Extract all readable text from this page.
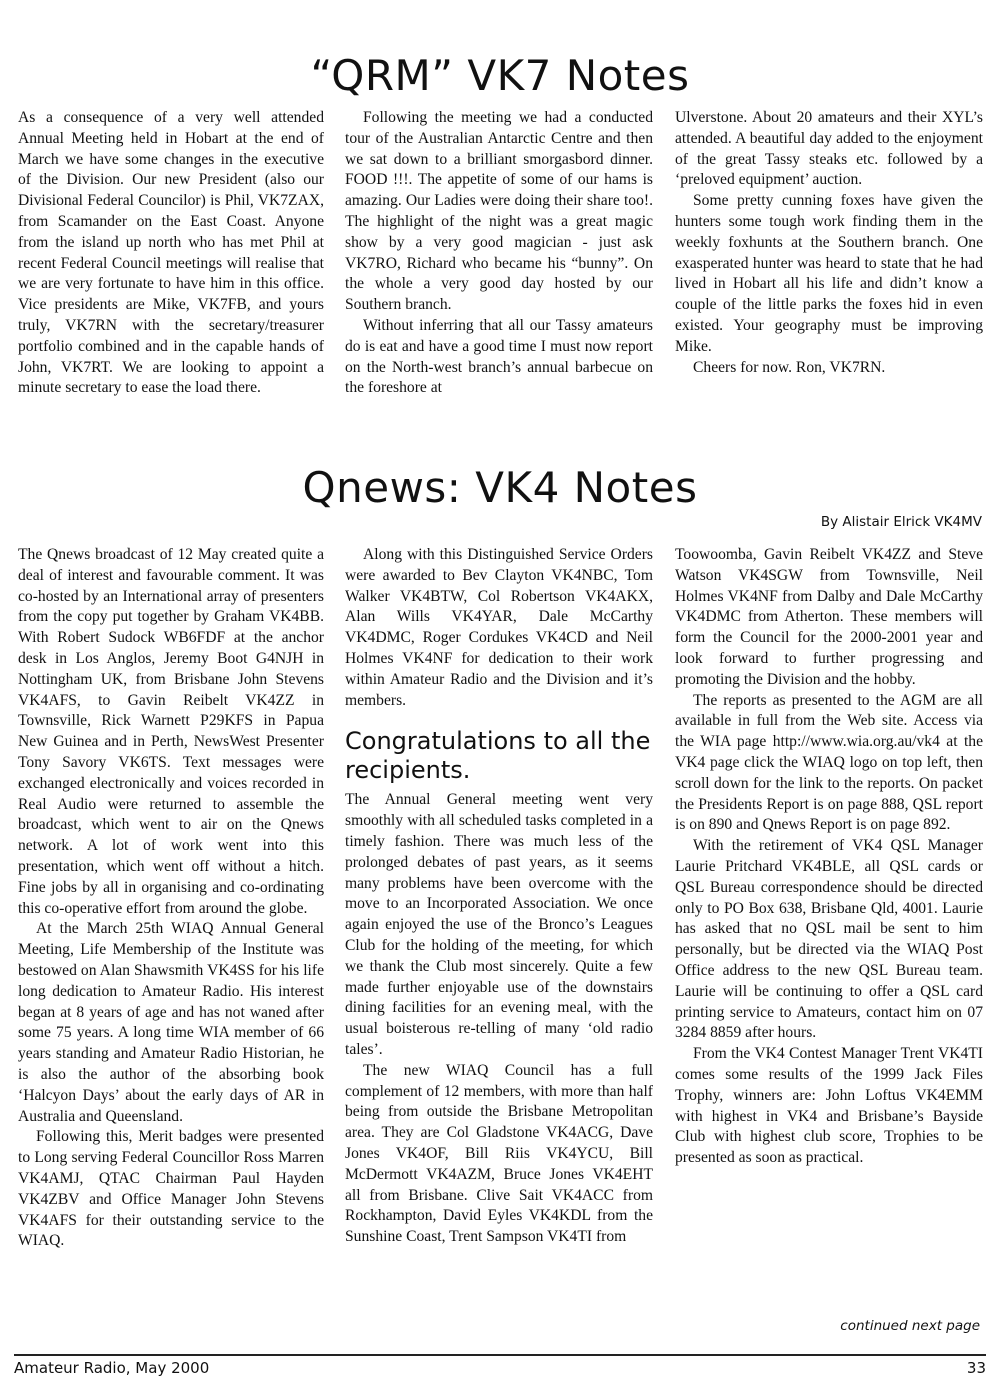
“QRM” VK7 Notes

As a consequence of a very well attended Annual Meeting held in Hobart at the end of March we have some changes in the executive of the Division. Our new President (also our Divisional Federal Councilor) is Phil, VK7ZAX, from Scamander on the East Coast. Anyone from the island up north who has met Phil at recent Federal Council meetings will realise that we are very fortunate to have him in this office. Vice presidents are Mike, VK7FB, and yours truly, VK7RN with the secretary/treasurer portfolio combined and in the capable hands of John, VK7RT. We are looking to appoint a minute secretary to ease the load there.

Following the meeting we had a conducted tour of the Australian Antarctic Centre and then we sat down to a brilliant smorgasbord dinner. FOOD !!!. The appetite of some of our hams is amazing. Our Ladies were doing their share too!. The highlight of the night was a great magic show by a very good magician - just ask VK7RO, Richard who became his “bunny”. On the whole a very good day hosted by our Southern branch.

Without inferring that all our Tassy amateurs do is eat and have a good time I must now report on the North-west branch’s annual barbecue on the foreshore at

Ulverstone. About 20 amateurs and their XYL’s attended. A beautiful day added to the enjoyment of the great Tassy steaks etc. followed by a ‘preloved equipment’ auction.

Some pretty cunning foxes have given the hunters some tough work finding them in the weekly foxhunts at the Southern branch. One exasperated hunter was heard to state that he had lived in Hobart all his life and didn’t know a couple of the little parks the foxes hid in even existed. Your geography must be improving Mike.

Cheers for now. Ron, VK7RN.

Qnews: VK4 Notes
By Alistair Elrick VK4MV

The Qnews broadcast of 12 May created quite a deal of interest and favourable comment. It was co-hosted by an International array of presenters from the copy put together by Graham VK4BB. With Robert Sudock WB6FDF at the anchor desk in Los Anglos, Jeremy Boot G4NJH in Nottingham UK, from Brisbane John Stevens VK4AFS, to Gavin Reibelt VK4ZZ in Townsville, Rick Warnett P29KFS in Papua New Guinea and in Perth, NewsWest Presenter Tony Savory VK6TS. Text messages were exchanged electronically and voices recorded in Real Audio were returned to assemble the broadcast, which went to air on the Qnews network. A lot of work went into this presentation, which went off without a hitch. Fine jobs by all in organising and co-ordinating this co-operative effort from around the globe.

At the March 25th WIAQ Annual General Meeting, Life Membership of the Institute was bestowed on Alan Shawsmith VK4SS for his life long dedication to Amateur Radio. His interest began at 8 years of age and has not waned after some 75 years. A long time WIA member of 66 years standing and Amateur Radio Historian, he is also the author of the absorbing book ‘Halcyon Days’ about the early days of AR in Australia and Queensland.

Following this, Merit badges were presented to Long serving Federal Councillor Ross Marren VK4AMJ, QTAC Chairman Paul Hayden VK4ZBV and Office Manager John Stevens VK4AFS for their outstanding service to the WIAQ.

Along with this Distinguished Service Orders were awarded to Bev Clayton VK4NBC, Tom Walker VK4BTW, Col Robertson VK4AKX, Alan Wills VK4YAR, Dale McCarthy VK4DMC, Roger Cordukes VK4CD and Neil Holmes VK4NF for dedication to their work within Amateur Radio and the Division and it’s members.

Congratulations to all the recipients.

The Annual General meeting went very smoothly with all scheduled tasks completed in a timely fashion. There was much less of the prolonged debates of past years, as it seems many problems have been overcome with the move to an Incorporated Association. We once again enjoyed the use of the Bronco’s Leagues Club for the holding of the meeting, for which we thank the Club most sincerely. Quite a few made further enjoyable use of the downstairs dining facilities for an evening meal, with the usual boisterous re-telling of many ‘old radio tales’.

The new WIAQ Council has a full complement of 12 members, with more than half being from outside the Brisbane Metropolitan area. They are Col Gladstone VK4ACG, Dave Jones VK4OF, Bill Riis VK4YCU, Bill McDermott VK4AZM, Bruce Jones VK4EHT all from Brisbane. Clive Sait VK4ACC from Rockhampton, David Eyles VK4KDL from the Sunshine Coast, Trent Sampson VK4TI from

Toowoomba, Gavin Reibelt VK4ZZ and Steve Watson VK4SGW from Townsville, Neil Holmes VK4NF from Dalby and Dale McCarthy VK4DMC from Atherton. These members will form the Council for the 2000-2001 year and look forward to further progressing and promoting the Division and the hobby.

The reports as presented to the AGM are all available in full from the Web site. Access via the WIA page http://www.wia.org.au/vk4 at the VK4 page click the WIAQ logo on top left, then scroll down for the link to the reports. On packet the Presidents Report is on page 888, QSL report is on 890 and Qnews Report is on page 892.

With the retirement of VK4 QSL Manager Laurie Pritchard VK4BLE, all QSL cards or QSL Bureau correspondence should be directed only to PO Box 638, Brisbane Qld, 4001. Laurie has asked that no QSL mail be sent to him personally, but be directed via the WIAQ Post Office address to the new QSL Bureau team. Laurie will be continuing to offer a QSL card printing service to Amateurs, contact him on 07 3284 8859 after hours.

From the VK4 Contest Manager Trent VK4TI comes some results of the 1999 Jack Files Trophy, winners are: John Loftus VK4EMM with highest in VK4 and Brisbane’s Bayside Club with highest club score, Trophies to be presented as soon as practical.

continued next page
Amateur Radio, May 2000	33
